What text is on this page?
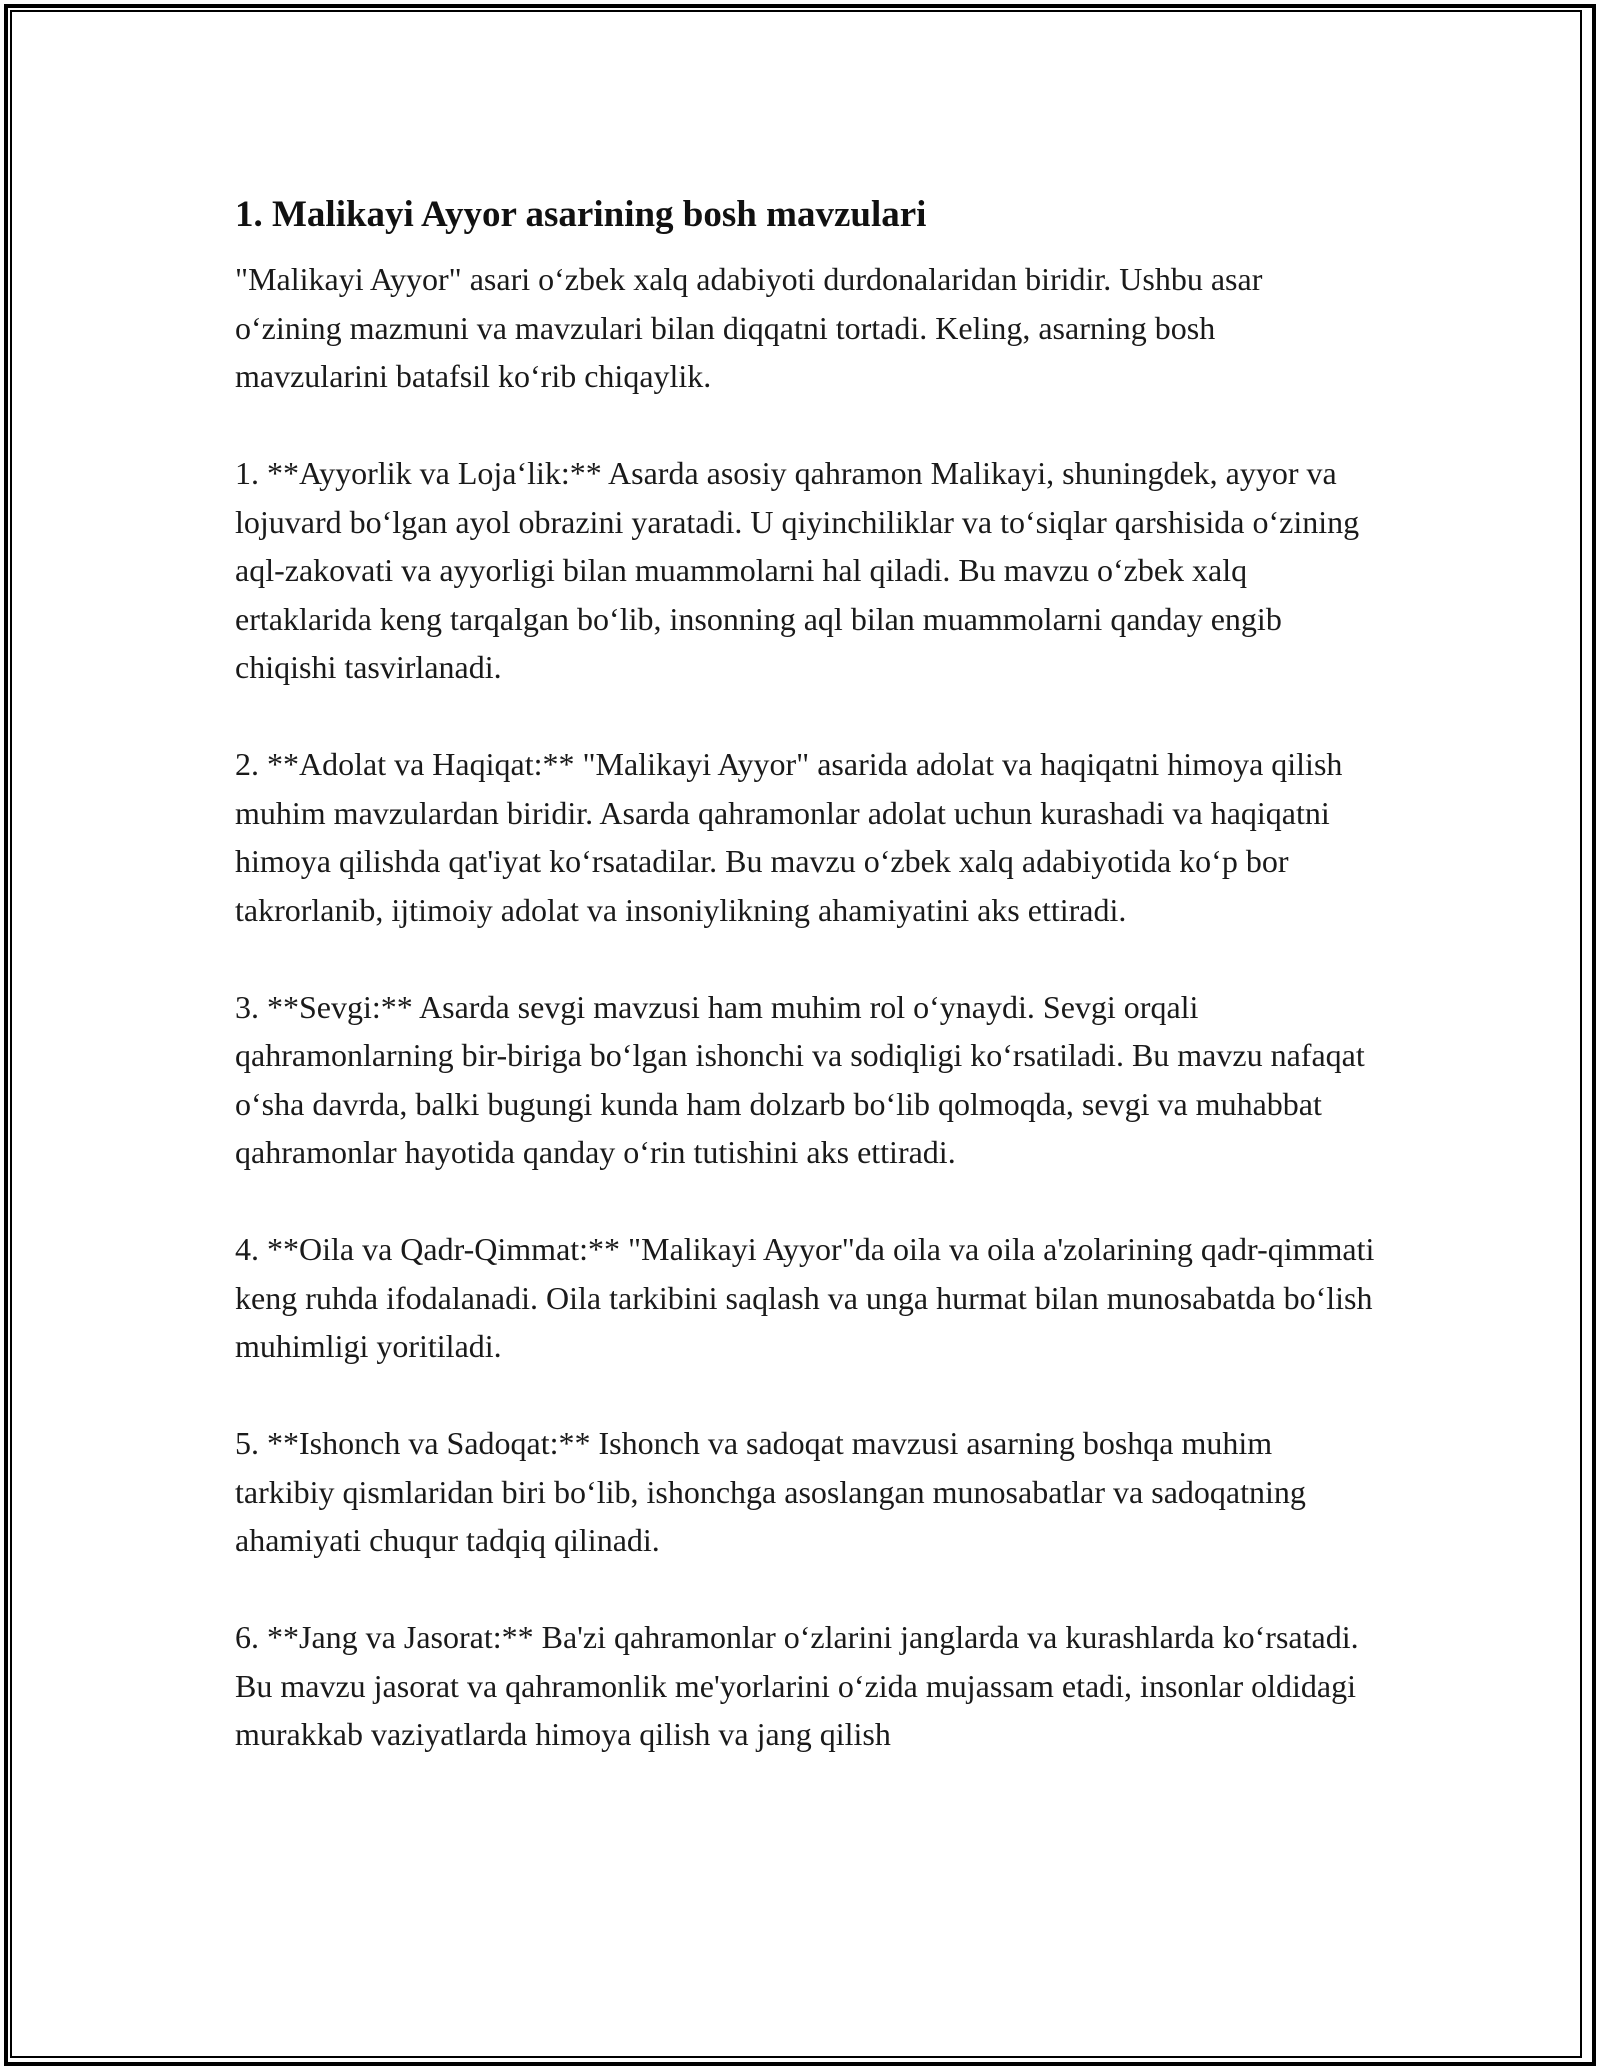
1. Malikayi Ayyor asarining bosh mavzulari

"Malikayi Ayyor" asari o‘zbek xalq adabiyoti durdonalaridan biridir. Ushbu asar o‘zining mazmuni va mavzulari bilan diqqatni tortadi. Keling, asarning bosh mavzularini batafsil ko‘rib chiqaylik.

1. **Ayyorlik va Loja‘lik:** Asarda asosiy qahramon Malikayi, shuningdek, ayyor va lojuvard bo‘lgan ayol obrazini yaratadi. U qiyinchiliklar va to‘siqlar qarshisida o‘zining aql-zakovati va ayyorligi bilan muammolarni hal qiladi. Bu mavzu o‘zbek xalq ertaklarida keng tarqalgan bo‘lib, insonning aql bilan muammolarni qanday engib chiqishi tasvirlanadi.

2. **Adolat va Haqiqat:** "Malikayi Ayyor" asarida adolat va haqiqatni himoya qilish muhim mavzulardan biridir. Asarda qahramonlar adolat uchun kurashadi va haqiqatni himoya qilishda qat'iyat ko‘rsatadilar. Bu mavzu o‘zbek xalq adabiyotida ko‘p bor takrorlanib, ijtimoiy adolat va insoniylikning ahamiyatini aks ettiradi.

3. **Sevgi:** Asarda sevgi mavzusi ham muhim rol o‘ynaydi. Sevgi orqali qahramonlarning bir-biriga bo‘lgan ishonchi va sodiqligi ko‘rsatiladi. Bu mavzu nafaqat o‘sha davrda, balki bugungi kunda ham dolzarb bo‘lib qolmoqda, sevgi va muhabbat qahramonlar hayotida qanday o‘rin tutishini aks ettiradi.

4. **Oila va Qadr-Qimmat:** "Malikayi Ayyor"da oila va oila a'zolarining qadr-qimmati keng ruhda ifodalanadi. Oila tarkibini saqlash va unga hurmat bilan munosabatda bo‘lish muhimligi yoritiladi.

5. **Ishonch va Sadoqat:** Ishonch va sadoqat mavzusi asarning boshqa muhim tarkibiy qismlaridan biri bo‘lib, ishonchga asoslangan munosabatlar va sadoqatning ahamiyati chuqur tadqiq qilinadi.

6. **Jang va Jasorat:** Ba'zi qahramonlar o‘zlarini janglarda va kurashlarda ko‘rsatadi. Bu mavzu jasorat va qahramonlik me'yorlarini o‘zida mujassam etadi, insonlar oldidagi murakkab vaziyatlarda himoya qilish va jang qilish
